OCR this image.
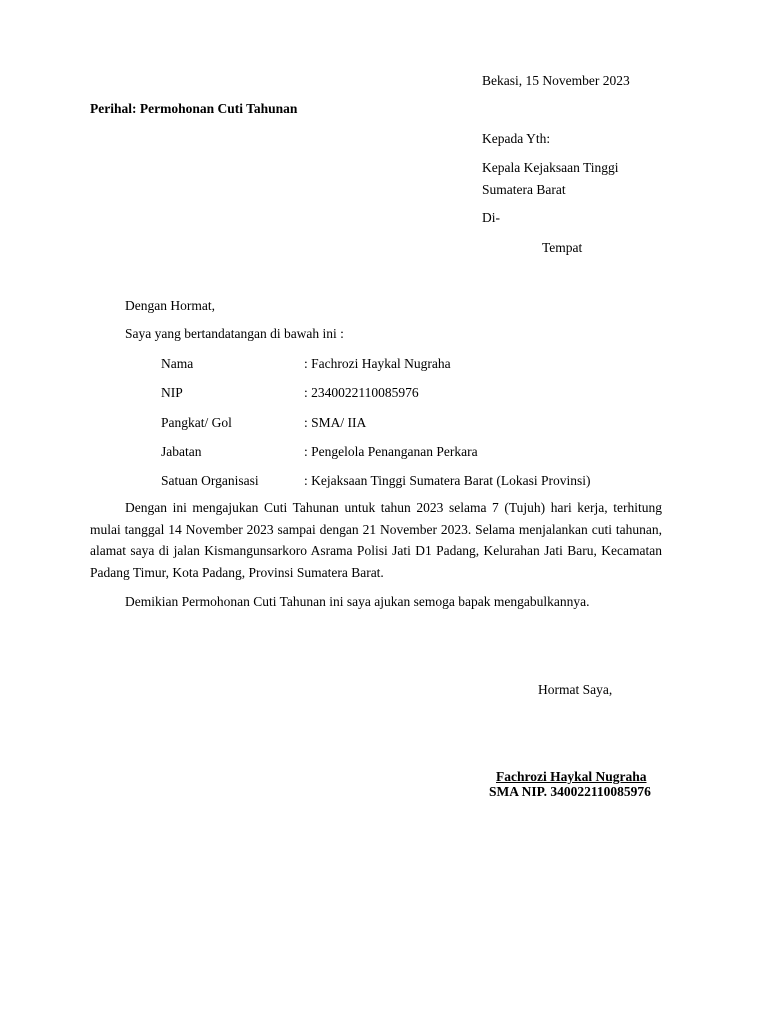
Bekasi, 15 November 2023
Perihal: Permohonan Cuti Tahunan
Kepada Yth:
Kepala Kejaksaan Tinggi
Sumatera Barat
Di-
Tempat
Dengan Hormat,
Saya yang bertandatangan di bawah ini :
Nama	: Fachrozi Haykal Nugraha
NIP	: 2340022110085976
Pangkat/ Gol	: SMA/ IIA
Jabatan	: Pengelola Penanganan Perkara
Satuan Organisasi	: Kejaksaan Tinggi Sumatera Barat (Lokasi Provinsi)
Dengan ini mengajukan Cuti Tahunan untuk tahun 2023 selama 7 (Tujuh) hari kerja, terhitung mulai tanggal 14 November 2023 sampai dengan 21 November 2023. Selama menjalankan cuti tahunan, alamat saya di jalan Kismangunsarkoro Asrama Polisi Jati D1 Padang, Kelurahan Jati Baru, Kecamatan Padang Timur, Kota Padang, Provinsi Sumatera Barat.
Demikian Permohonan Cuti Tahunan ini saya ajukan semoga bapak mengabulkannya.
Hormat Saya,
Fachrozi Haykal Nugraha
SMA NIP. 340022110085976
